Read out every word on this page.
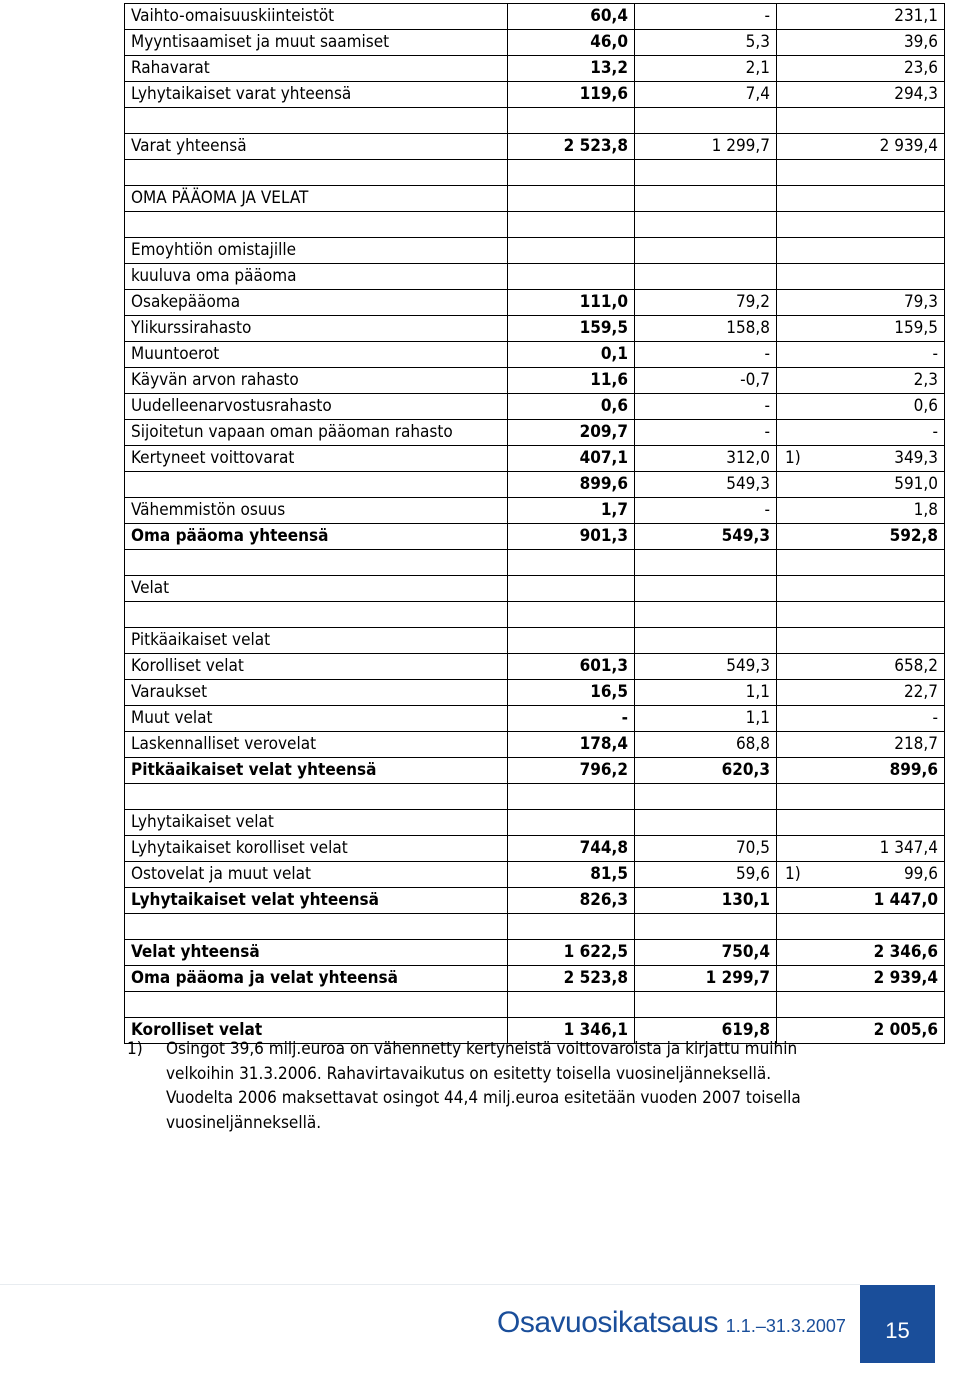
Vaihto-omaisuuskiinteistöt	60,4	-	231,1
Myyntisaamiset ja muut saamiset	46,0	5,3	39,6
Rahavarat	13,2	2,1	23,6
Lyhytaikaiset varat yhteensä	119,6	7,4	294,3

Varat yhteensä	2 523,8	1 299,7	2 939,4

OMA PÄÄOMA JA VELAT			

Emoyhtiön omistajille			

kuuluva oma pääoma			

Osakepääoma	111,0	79,2	79,3
Ylikurssirahasto	159,5	158,8	159,5
Muuntoerot	0,1	-	-
Käyvän arvon rahasto	11,6	-0,7	2,3
Uudelleenarvostusrahasto	0,6	-	0,6
Sijoitetun vapaan oman pääoman rahasto	209,7	-	-
Kertyneet voittovarat	407,1	312,0	1) 349,3
	899,6	549,3	591,0
Vähemmistön osuus	1,7	-	1,8
Oma pääoma yhteensä	901,3	549,3	592,8

Velat			

Pitkäaikaiset velat			

Korolliset velat	601,3	549,3	658,2
Varaukset	16,5	1,1	22,7
Muut velat	-	1,1	-
Laskennalliset verovelat	178,4	68,8	218,7
Pitkäaikaiset velat yhteensä	796,2	620,3	899,6

Lyhytaikaiset velat			

Lyhytaikaiset korolliset velat	744,8	70,5	1 347,4
Ostovelat ja muut velat	81,5	59,6	1) 99,6
Lyhytaikaiset velat yhteensä	826,3	130,1	1 447,0

Velat yhteensä	1 622,5	750,4	2 346,6
Oma pääoma ja velat yhteensä	2 523,8	1 299,7	2 939,4

Korolliset velat	1 346,1	619,8	2 005,6
1) Osingot 39,6 milj.euroa on vähennetty kertyneistä voittovaroista ja kirjattu muihin
velkoihin 31.3.2006. Rahavirtavaikutus on esitetty toisella vuosineljänneksellä.
Vuodelta 2006 maksettavat osingot 44,4 milj.euroa esitetään vuoden 2007 toisella
vuosineljänneksellä.
Osavuosikatsaus 1.1.–31.3.2007	15
